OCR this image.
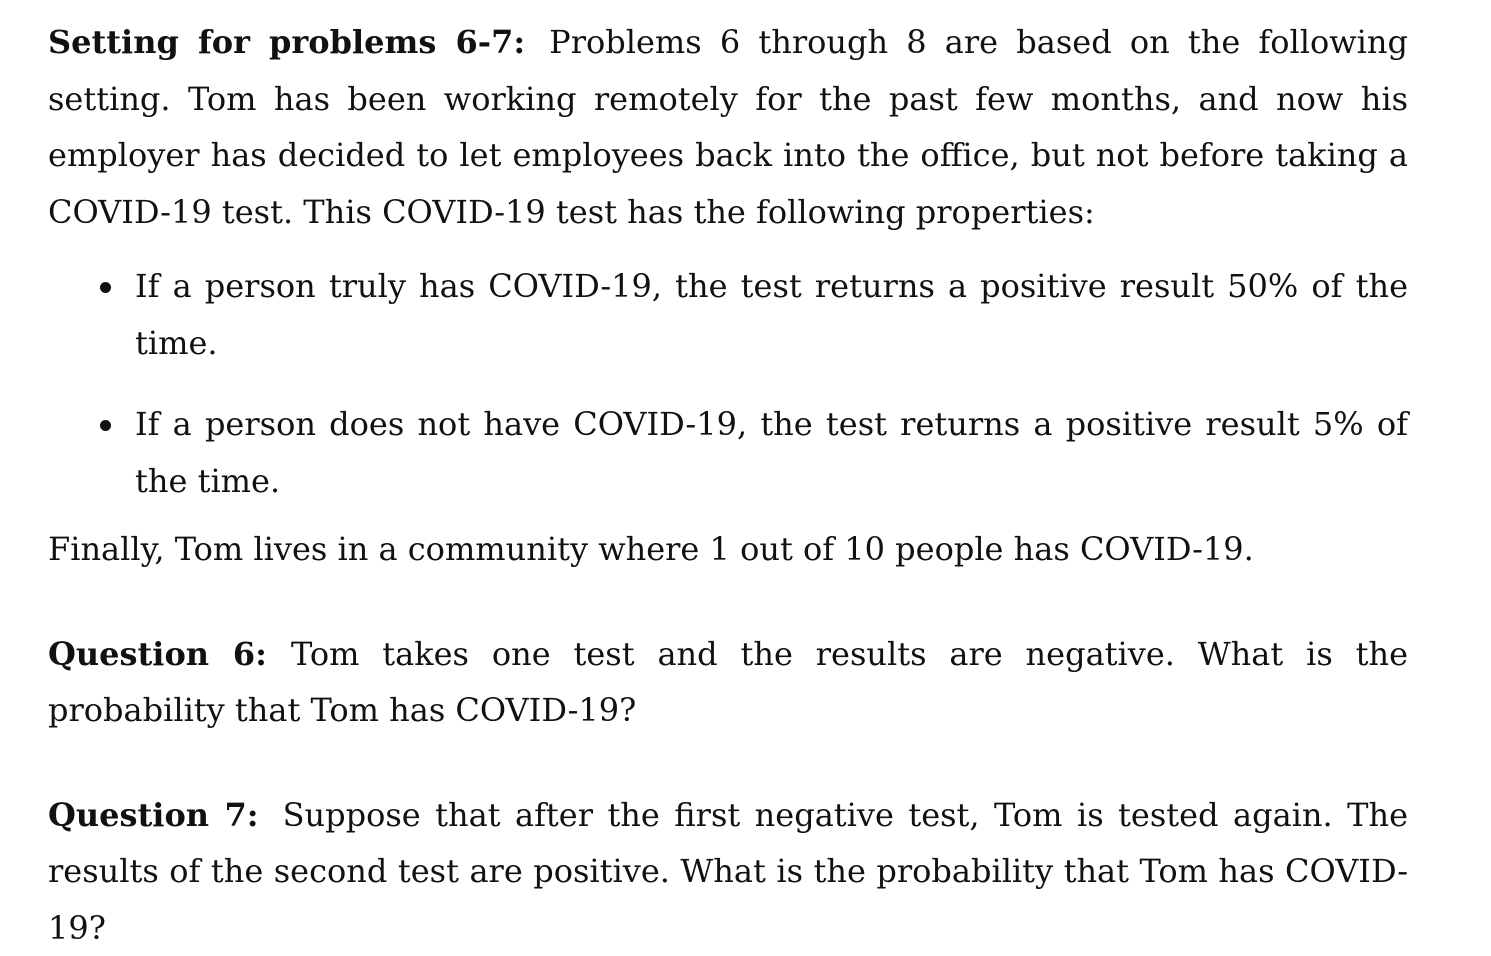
Setting for problems 6-7: Problems 6 through 8 are based on the following setting. Tom has been working remotely for the past few months, and now his employer has decided to let employees back into the office, but not before taking a COVID-19 test. This COVID-19 test has the following properties:

If a person truly has COVID-19, the test returns a positive result 50% of the time.
If a person does not have COVID-19, the test returns a positive result 5% of the time.

Finally, Tom lives in a community where 1 out of 10 people has COVID-19.

Question 6: Tom takes one test and the results are negative. What is the probability that Tom has COVID-19?

Question 7: Suppose that after the first negative test, Tom is tested again. The results of the second test are positive. What is the probability that Tom has COVID-19?
